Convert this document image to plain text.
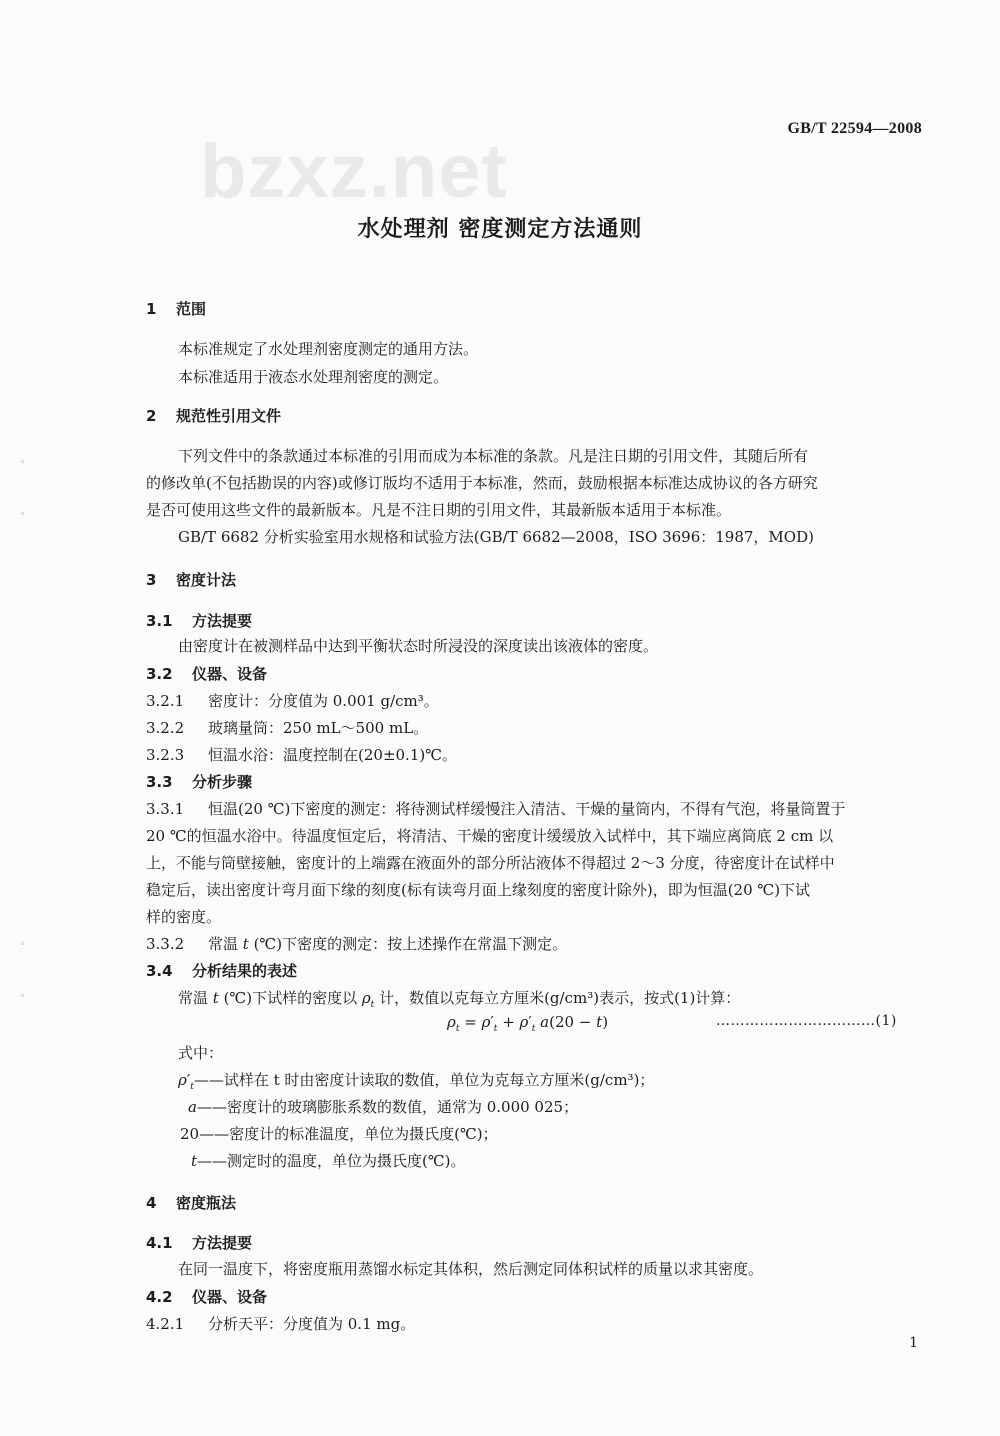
bzxz.net
GB/T 22594—2008
水处理剂 密度测定方法通则
1 范围
本标准规定了水处理剂密度测定的通用方法。
本标准适用于液态水处理剂密度的测定。
2 规范性引用文件
下列文件中的条款通过本标准的引用而成为本标准的条款。凡是注日期的引用文件，其随后所有
的修改单(不包括勘误的内容)或修订版均不适用于本标准，然而，鼓励根据本标准达成协议的各方研究
是否可使用这些文件的最新版本。凡是不注日期的引用文件，其最新版本适用于本标准。
GB/T 6682 分析实验室用水规格和试验方法(GB/T 6682—2008，ISO 3696：1987，MOD)
3 密度计法
3.1 方法提要
由密度计在被测样品中达到平衡状态时所浸没的深度读出该液体的密度。
3.2 仪器、设备
3.2.1 密度计：分度值为 0.001 g/cm³。
3.2.2 玻璃量筒：250 mL～500 mL。
3.2.3 恒温水浴：温度控制在(20±0.1)℃。
3.3 分析步骤
3.3.1 恒温(20 ℃)下密度的测定：将待测试样缓慢注入清洁、干燥的量筒内，不得有气泡，将量筒置于
20 ℃的恒温水浴中。待温度恒定后，将清洁、干燥的密度计缓缓放入试样中，其下端应离筒底 2 cm 以
上，不能与筒壁接触，密度计的上端露在液面外的部分所沾液体不得超过 2～3 分度，待密度计在试样中
稳定后，读出密度计弯月面下缘的刻度(标有读弯月面上缘刻度的密度计除外)，即为恒温(20 ℃)下试
样的密度。
3.3.2 常温 t (℃)下密度的测定：按上述操作在常温下测定。
3.4 分析结果的表述
常温 t (℃)下试样的密度以 $\rho_t$ 计，数值以克每立方厘米(g/cm³)表示，按式(1)计算：
$\rho_t = \rho'_t + \rho'_t$ a(20 − t)	……………………………(1)
式中：
$\rho'_t——$试样在 t 时由密度计读取的数值，单位为克每立方厘米(g/cm³)；
a——密度计的玻璃膨胀系数的数值，通常为 0.000 025；
20——密度计的标准温度，单位为摄氏度(℃)；
t——测定时的温度，单位为摄氏度(℃)。
4 密度瓶法
4.1 方法提要
在同一温度下，将密度瓶用蒸馏水标定其体积，然后测定同体积试样的质量以求其密度。
4.2 仪器、设备
4.2.1 分析天平：分度值为 0.1 mg。
1
◦
◦
◦
◦
